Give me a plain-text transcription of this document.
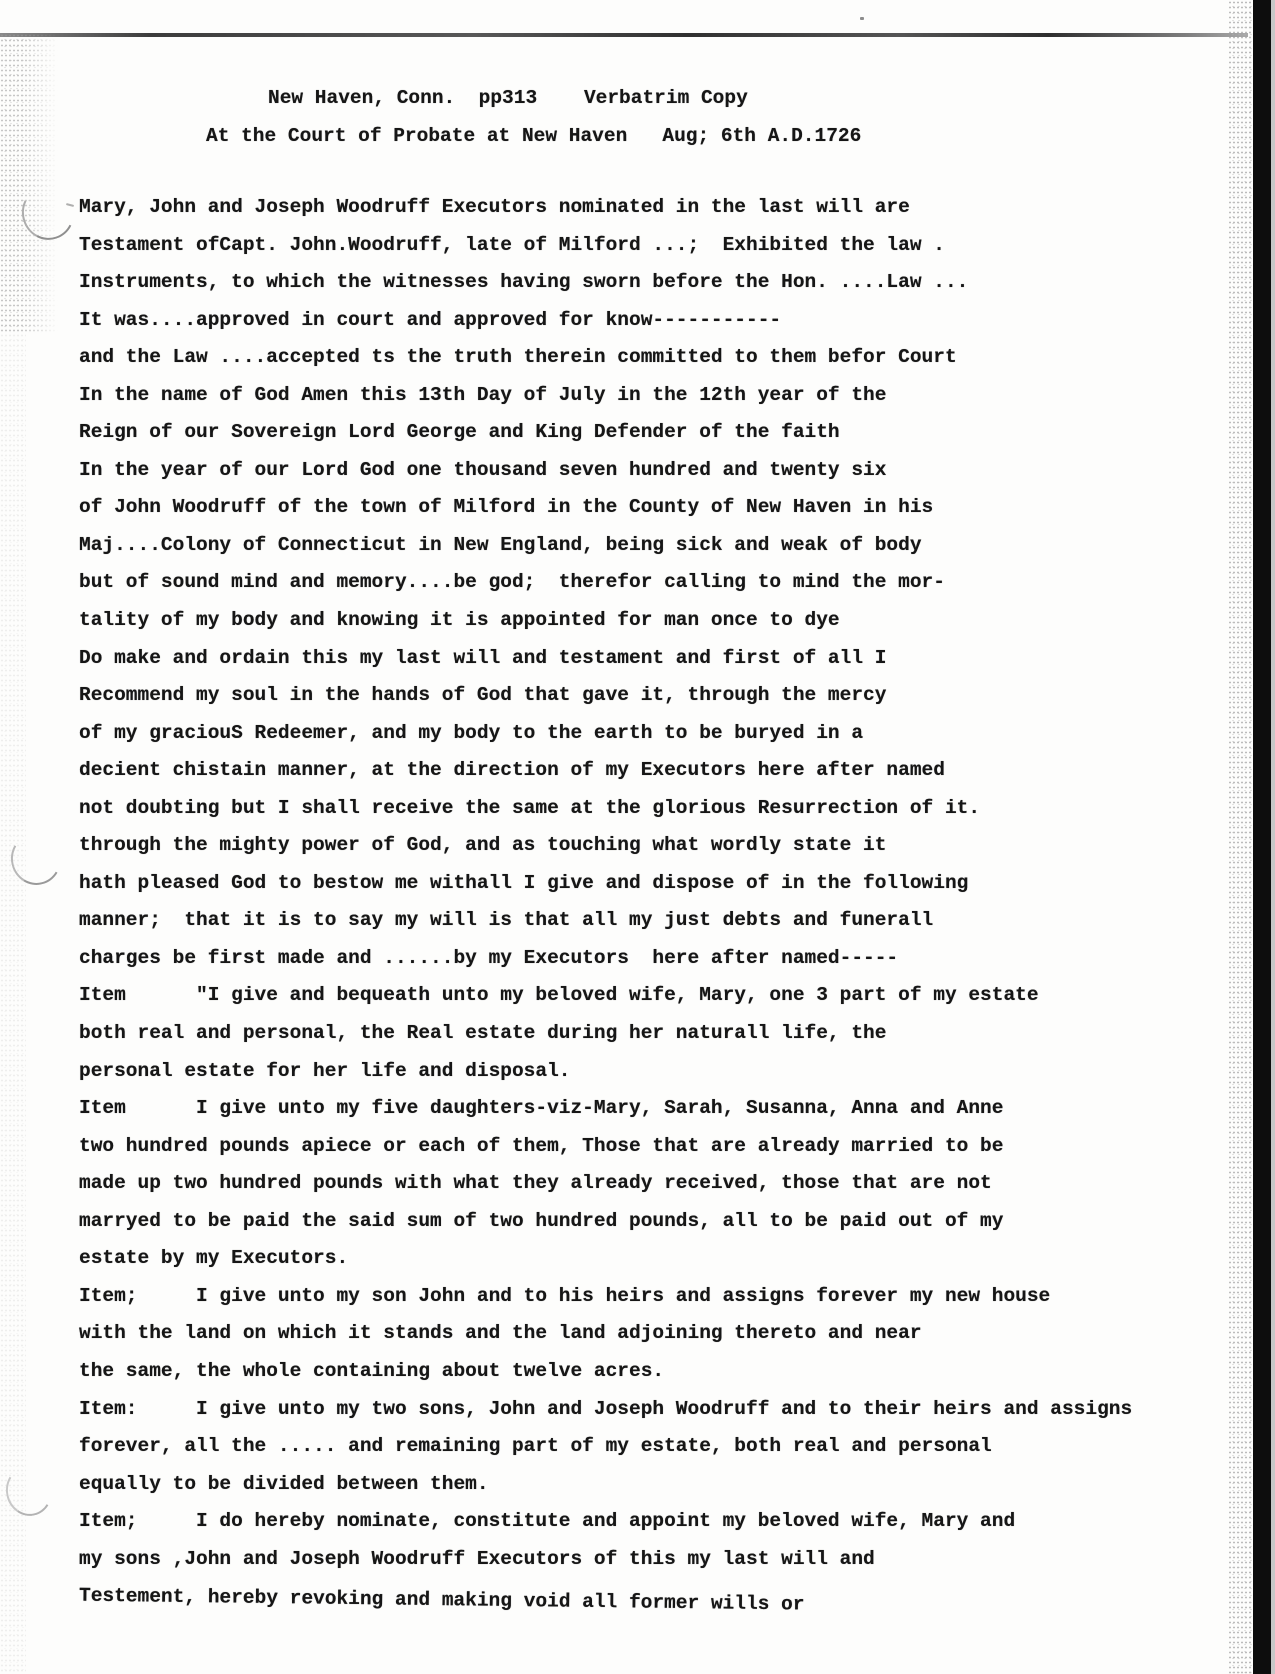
New Haven, Conn.  pp313    Verbatrim Copy
At the Court of Probate at New Haven   Aug; 6th A.D.1726
Mary, John and Joseph Woodruff Executors nominated in the last will are
Testament ofCapt. John.Woodruff, late of Milford ...;  Exhibited the law .
Instruments, to which the witnesses having sworn before the Hon. ....Law ...
It was....approved in court and approved for know-----------
and the Law ....accepted ts the truth therein committed to them befor Court
In the name of God Amen this 13th Day of July in the 12th year of the
Reign of our Sovereign Lord George and King Defender of the faith
In the year of our Lord God one thousand seven hundred and twenty six
of John Woodruff of the town of Milford in the County of New Haven in his
Maj....Colony of Connecticut in New England, being sick and weak of body
but of sound mind and memory....be god;  therefor calling to mind the mor-
tality of my body and knowing it is appointed for man once to dye
Do make and ordain this my last will and testament and first of all I
Recommend my soul in the hands of God that gave it, through the mercy
of my graciouS Redeemer, and my body to the earth to be buryed in a
decient chistain manner, at the direction of my Executors here after named
not doubting but I shall receive the same at the glorious Resurrection of it.
through the mighty power of God, and as touching what wordly state it
hath pleased God to bestow me withall I give and dispose of in the following
manner;  that it is to say my will is that all my just debts and funerall
charges be first made and ......by my Executors  here after named-----
Item      "I give and bequeath unto my beloved wife, Mary, one 3 part of my estate
both real and personal, the Real estate during her naturall life, the
personal estate for her life and disposal.
Item      I give unto my five daughters-viz-Mary, Sarah, Susanna, Anna and Anne
two hundred pounds apiece or each of them, Those that are already married to be
made up two hundred pounds with what they already received, those that are not
marryed to be paid the said sum of two hundred pounds, all to be paid out of my
estate by my Executors.
Item;     I give unto my son John and to his heirs and assigns forever my new house
with the land on which it stands and the land adjoining thereto and near
the same, the whole containing about twelve acres.
Item:     I give unto my two sons, John and Joseph Woodruff and to their heirs and assigns
forever, all the ..... and remaining part of my estate, both real and personal
equally to be divided between them.
Item;     I do hereby nominate, constitute and appoint my beloved wife, Mary and
my sons ,John and Joseph Woodruff Executors of this my last will and
Testement, hereby revoking and making void all former wills or
